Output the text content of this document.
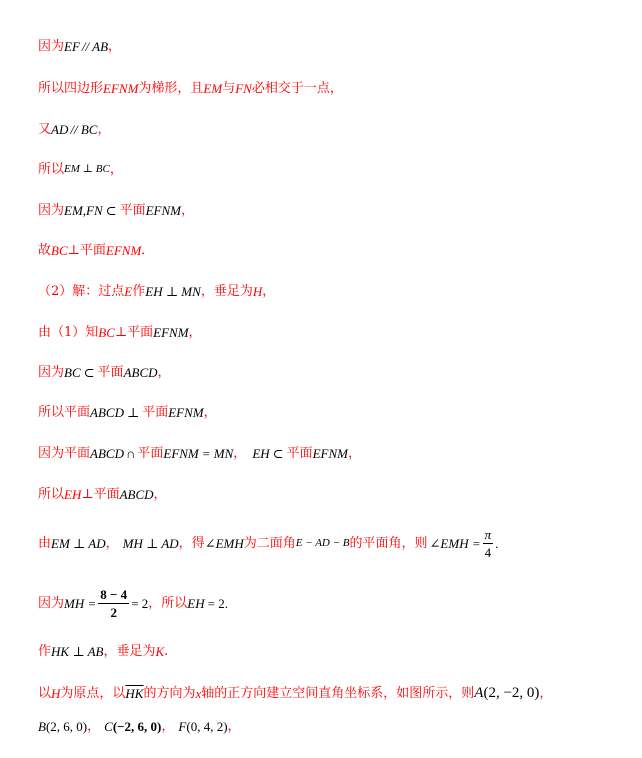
因为 EF // AB ，
所以四边形 EFNM 为梯形，且 EM 与 FN 必相交于一点，
又 AD // BC ，
所以 EM ⊥ BC ，
因为 EM , FN ⊂ 平面 EFNM ，
故 BC ⊥ 平面 EFNM ．
（2）解：过点 E 作 EH ⊥ MN ，垂足为 H ，
由（1）知 BC ⊥平面 EFNM ，
因为 BC ⊂ 平面 ABCD ，
所以平面 ABCD ⊥ 平面 EFNM ，
因为平面 ABCD ∩ 平面 EFNM = MN ， EH ⊂ 平面 EFNM ，
所以 EH ⊥平面 ABCD ，
由 EM ⊥ AD ， MH ⊥ AD ，得 ∠EMH 为二面角 E − AD − B 的平面角，则 ∠EMH = $\frac{\pi}{4}$ .
因为 MH = $\frac{8 - 4}{2} = 2$ ，所以 EH = 2 .
作 HK ⊥ AB ，垂足为 K .
以 H 为原点，以 $\overline{HK}$ 的方向为 x 轴的正方向建立空间直角坐标系，如图所示，则 A (2, −2, 0) ，
B (2, 6, 0) ， C (−2, 6, 0) ， F (0, 4, 2) ，
